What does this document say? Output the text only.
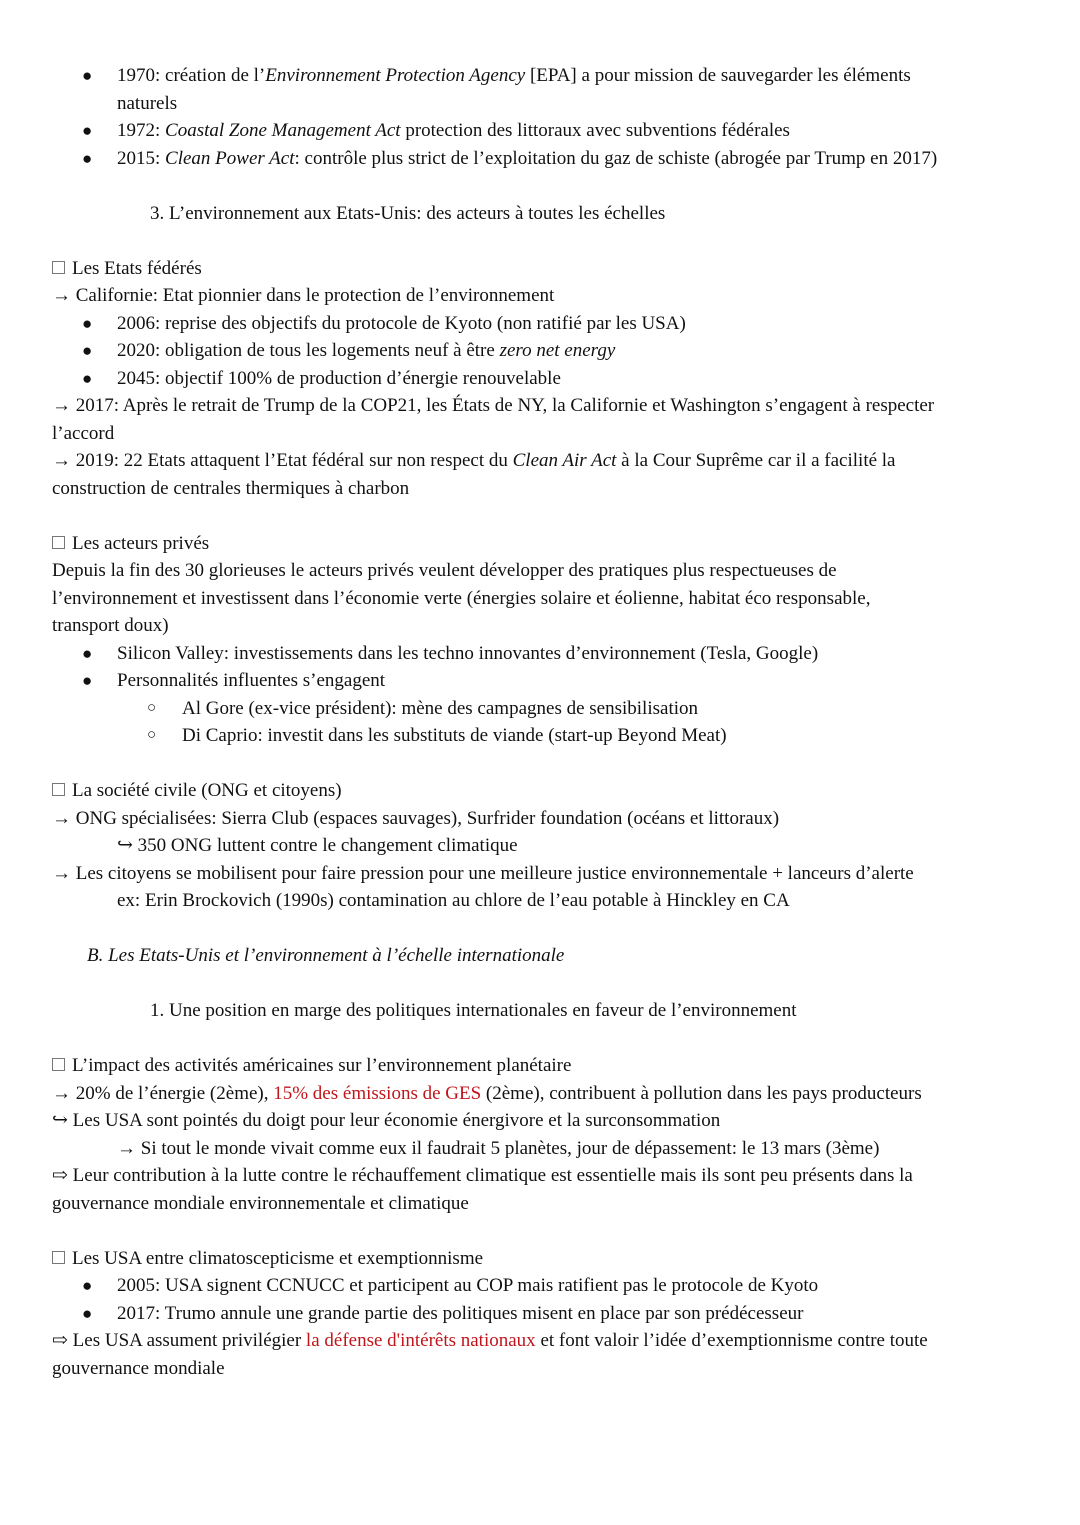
●	1970: création de l’Environnement Protection Agency [EPA] a pour mission de sauvegarder les éléments
naturels
●	1972: Coastal Zone Management Act protection des littoraux avec subventions fédérales
●	2015: Clean Power Act: contrôle plus strict de l’exploitation du gaz de schiste (abrogée par Trump en 2017)
3. L’environnement aux Etats-Unis: des acteurs à toutes les échelles
Les Etats fédérés
→ Californie: Etat pionnier dans le protection de l’environnement
●	2006: reprise des objectifs du protocole de Kyoto (non ratifié par les USA)
●	2020: obligation de tous les logements neuf à être zero net energy
●	2045: objectif 100% de production d’énergie renouvelable
→ 2017: Après le retrait de Trump de la COP21, les États de NY, la Californie et Washington s’engagent à respecter
l’accord
→ 2019: 22 Etats attaquent l’Etat fédéral sur non respect du Clean Air Act à la Cour Suprême car il a facilité la
construction de centrales thermiques à charbon
Les acteurs privés
Depuis la fin des 30 glorieuses le acteurs privés veulent développer des pratiques plus respectueuses de
l’environnement et investissent dans l’économie verte (énergies solaire et éolienne, habitat éco responsable,
transport doux)
●	Silicon Valley: investissements dans les techno innovantes d’environnement (Tesla, Google)
●	Personnalités influentes s’engagent
○	Al Gore (ex-vice président): mène des campagnes de sensibilisation
○	Di Caprio: investit dans les substituts de viande (start-up Beyond Meat)
La société civile (ONG et citoyens)
→ ONG spécialisées: Sierra Club (espaces sauvages), Surfrider foundation (océans et littoraux)
↪ 350 ONG luttent contre le changement climatique
→ Les citoyens se mobilisent pour faire pression pour une meilleure justice environnementale + lanceurs d’alerte
ex: Erin Brockovich (1990s) contamination au chlore de l’eau potable à Hinckley en CA
B. Les Etats-Unis et l’environnement à l’échelle internationale
1. Une position en marge des politiques internationales en faveur de l’environnement
L’impact des activités américaines sur l’environnement planétaire
→ 20% de l’énergie (2ème), 15% des émissions de GES (2ème), contribuent à pollution dans les pays producteurs
↪ Les USA sont pointés du doigt pour leur économie énergivore et la surconsommation
→ Si tout le monde vivait comme eux il faudrait 5 planètes, jour de dépassement: le 13 mars (3ème)
⇨ Leur contribution à la lutte contre le réchauffement climatique est essentielle mais ils sont peu présents dans la
gouvernance mondiale environnementale et climatique
Les USA entre climatoscepticisme et exemptionnisme
●	2005: USA signent CCNUCC et participent au COP mais ratifient pas le protocole de Kyoto
●	2017: Trumo annule une grande partie des politiques misent en place par son prédécesseur
⇨ Les USA assument privilégier la défense d'intérêts nationaux et font valoir l’idée d’exemptionnisme contre toute
gouvernance mondiale
